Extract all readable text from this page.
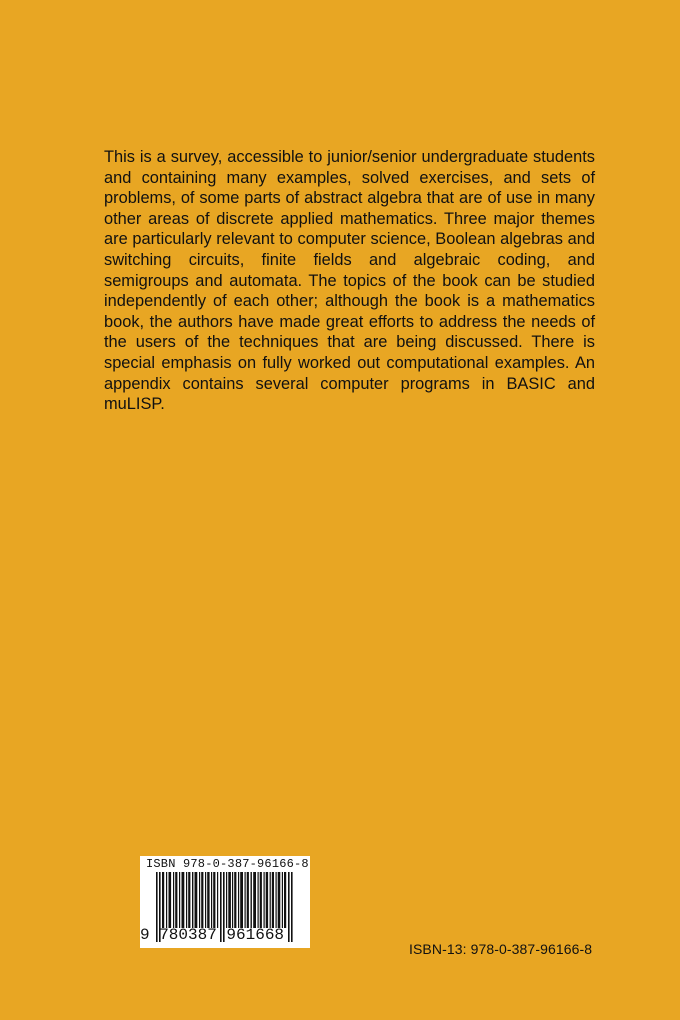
This is a survey, accessible to junior/senior undergraduate students and containing many examples, solved exercises, and sets of problems, of some parts of abstract algebra that are of use in many other areas of discrete applied mathematics. Three major themes are particularly relevant to computer science, Boolean algebras and switching circuits, finite fields and algebraic coding, and semigroups and automata. The topics of the book can be studied independently of each other; although the book is a mathematics book, the authors have made great efforts to address the needs of the users of the techniques that are being discussed. There is special emphasis on fully worked out computational examples. An appendix contains several computer programs in BASIC and muLISP.
ISBN 978-0-387-96166-8
9 780387 961668
ISBN-13: 978-0-387-96166-8
